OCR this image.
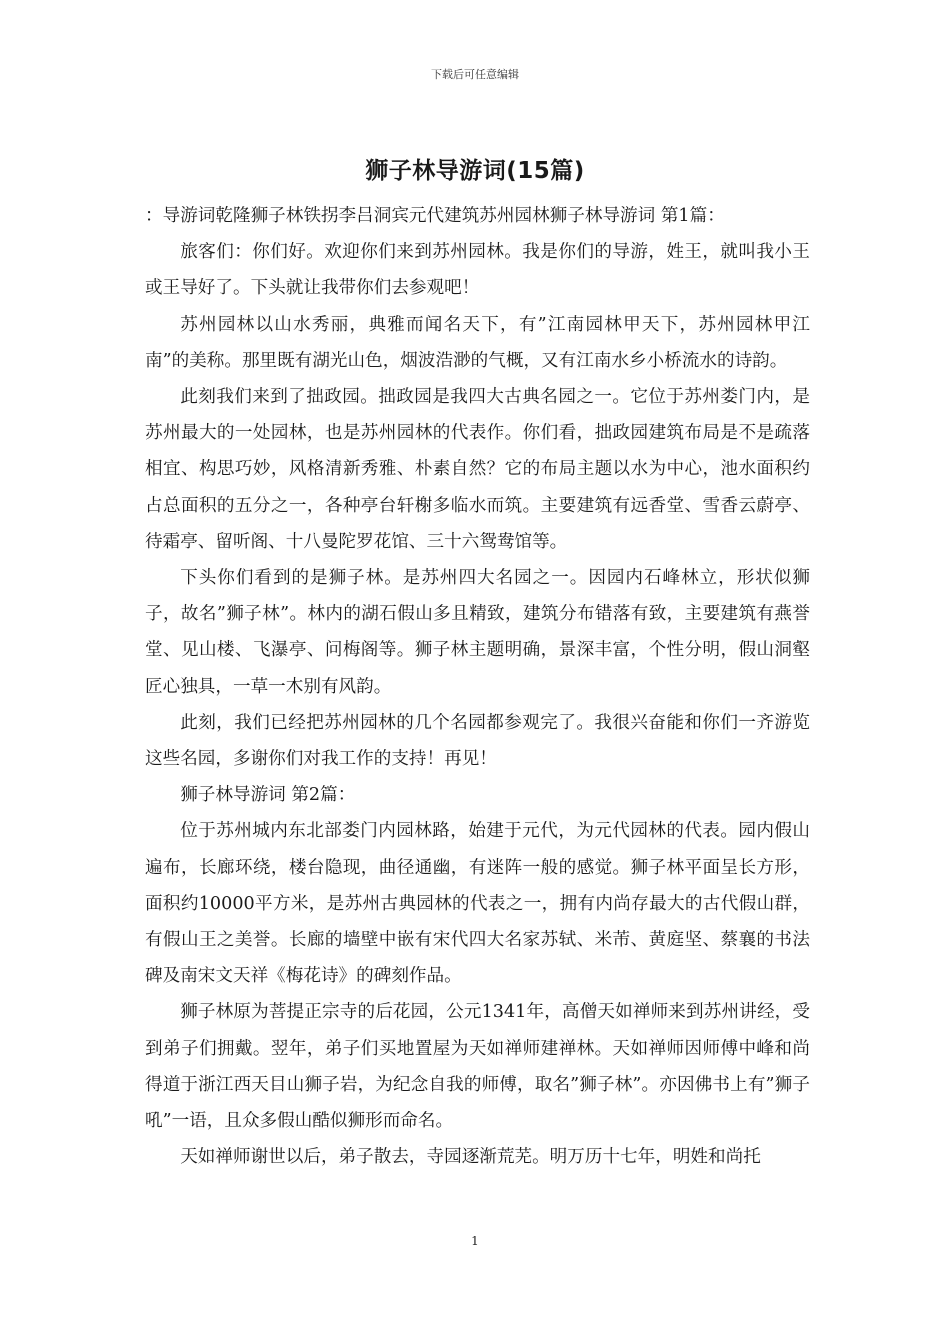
下载后可任意编辑
狮子林导游词(15篇)

：导游词乾隆狮子林铁拐李吕洞宾元代建筑苏州园林狮子林导游词 第1篇：

旅客们：你们好。欢迎你们来到苏州园林。我是你们的导游，姓王，就叫我小王或王导好了。下头就让我带你们去参观吧！

苏州园林以山水秀丽，典雅而闻名天下，有”江南园林甲天下，苏州园林甲江南”的美称。那里既有湖光山色，烟波浩渺的气概，又有江南水乡小桥流水的诗韵。

此刻我们来到了拙政园。拙政园是我四大古典名园之一。它位于苏州娄门内，是苏州最大的一处园林，也是苏州园林的代表作。你们看，拙政园建筑布局是不是疏落相宜、构思巧妙，风格清新秀雅、朴素自然？它的布局主题以水为中心，池水面积约占总面积的五分之一，各种亭台轩榭多临水而筑。主要建筑有远香堂、雪香云蔚亭、待霜亭、留听阁、十八曼陀罗花馆、三十六鸳鸯馆等。

下头你们看到的是狮子林。是苏州四大名园之一。因园内石峰林立，形状似狮子，故名”狮子林”。林内的湖石假山多且精致，建筑分布错落有致，主要建筑有燕誉堂、见山楼、飞瀑亭、问梅阁等。狮子林主题明确，景深丰富，个性分明，假山洞壑匠心独具，一草一木别有风韵。

此刻，我们已经把苏州园林的几个名园都参观完了。我很兴奋能和你们一齐游览这些名园，多谢你们对我工作的支持！再见！

狮子林导游词 第2篇：

位于苏州城内东北部娄门内园林路，始建于元代，为元代园林的代表。园内假山遍布，长廊环绕，楼台隐现，曲径通幽，有迷阵一般的感觉。狮子林平面呈长方形，面积约10000平方米，是苏州古典园林的代表之一，拥有内尚存最大的古代假山群，有假山王之美誉。长廊的墙壁中嵌有宋代四大名家苏轼、米芾、黄庭坚、蔡襄的书法碑及南宋文天祥《梅花诗》的碑刻作品。

狮子林原为菩提正宗寺的后花园，公元1341年，高僧天如禅师来到苏州讲经，受到弟子们拥戴。翌年，弟子们买地置屋为天如禅师建禅林。天如禅师因师傅中峰和尚得道于浙江西天目山狮子岩，为纪念自我的师傅，取名”狮子林”。亦因佛书上有”狮子吼”一语，且众多假山酷似狮形而命名。

天如禅师谢世以后，弟子散去，寺园逐渐荒芜。明万历十七年，明姓和尚托

1
